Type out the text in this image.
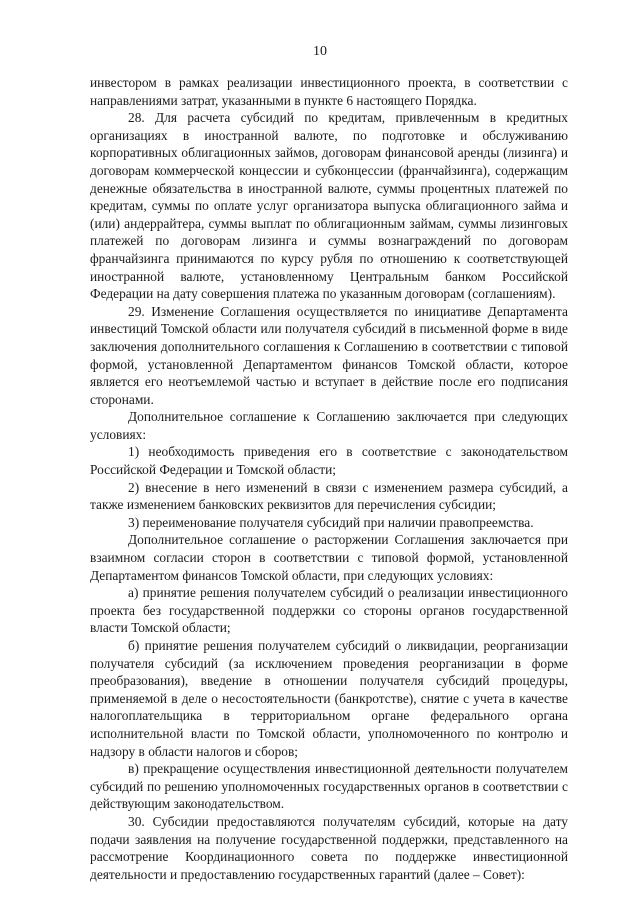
10

инвестором в рамках реализации инвестиционного проекта, в соответствии с направлениями затрат, указанными в пункте 6 настоящего Порядка.

28. Для расчета субсидий по кредитам, привлеченным в кредитных организациях в иностранной валюте, по подготовке и обслуживанию корпоративных облигационных займов, договорам финансовой аренды (лизинга) и договорам коммерческой концессии и субконцессии (франчайзинга), содержащим денежные обязательства в иностранной валюте, суммы процентных платежей по кредитам, суммы по оплате услуг организатора выпуска облигационного займа и (или) андеррайтера, суммы выплат по облигационным займам, суммы лизинговых платежей по договорам лизинга и суммы вознаграждений по договорам франчайзинга принимаются по курсу рубля по отношению к соответствующей иностранной валюте, установленному Центральным банком Российской Федерации на дату совершения платежа по указанным договорам (соглашениям).

29. Изменение Соглашения осуществляется по инициативе Департамента инвестиций Томской области или получателя субсидий в письменной форме в виде заключения дополнительного соглашения к Соглашению в соответствии с типовой формой, установленной Департаментом финансов Томской области, которое является его неотъемлемой частью и вступает в действие после его подписания сторонами.

Дополнительное соглашение к Соглашению заключается при следующих условиях:

1) необходимость приведения его в соответствие с законодательством Российской Федерации и Томской области;

2) внесение в него изменений в связи с изменением размера субсидий, а также изменением банковских реквизитов для перечисления субсидии;

3) переименование получателя субсидий при наличии правопреемства.

Дополнительное соглашение о расторжении Соглашения заключается при взаимном согласии сторон в соответствии с типовой формой, установленной Департаментом финансов Томской области, при следующих условиях:

а) принятие решения получателем субсидий о реализации инвестиционного проекта без государственной поддержки со стороны органов государственной власти Томской области;

б) принятие решения получателем субсидий о ликвидации, реорганизации получателя субсидий (за исключением проведения реорганизации в форме преобразования), введение в отношении получателя субсидий процедуры, применяемой в деле о несостоятельности (банкротстве), снятие с учета в качестве налогоплательщика в территориальном органе федерального органа исполнительной власти по Томской области, уполномоченного по контролю и надзору в области налогов и сборов;

в) прекращение осуществления инвестиционной деятельности получателем субсидий по решению уполномоченных государственных органов в соответствии с действующим законодательством.

30. Субсидии предоставляются получателям субсидий, которые на дату подачи заявления на получение государственной поддержки, представленного на рассмотрение Координационного совета по поддержке инвестиционной деятельности и предоставлению государственных гарантий (далее – Совет):
